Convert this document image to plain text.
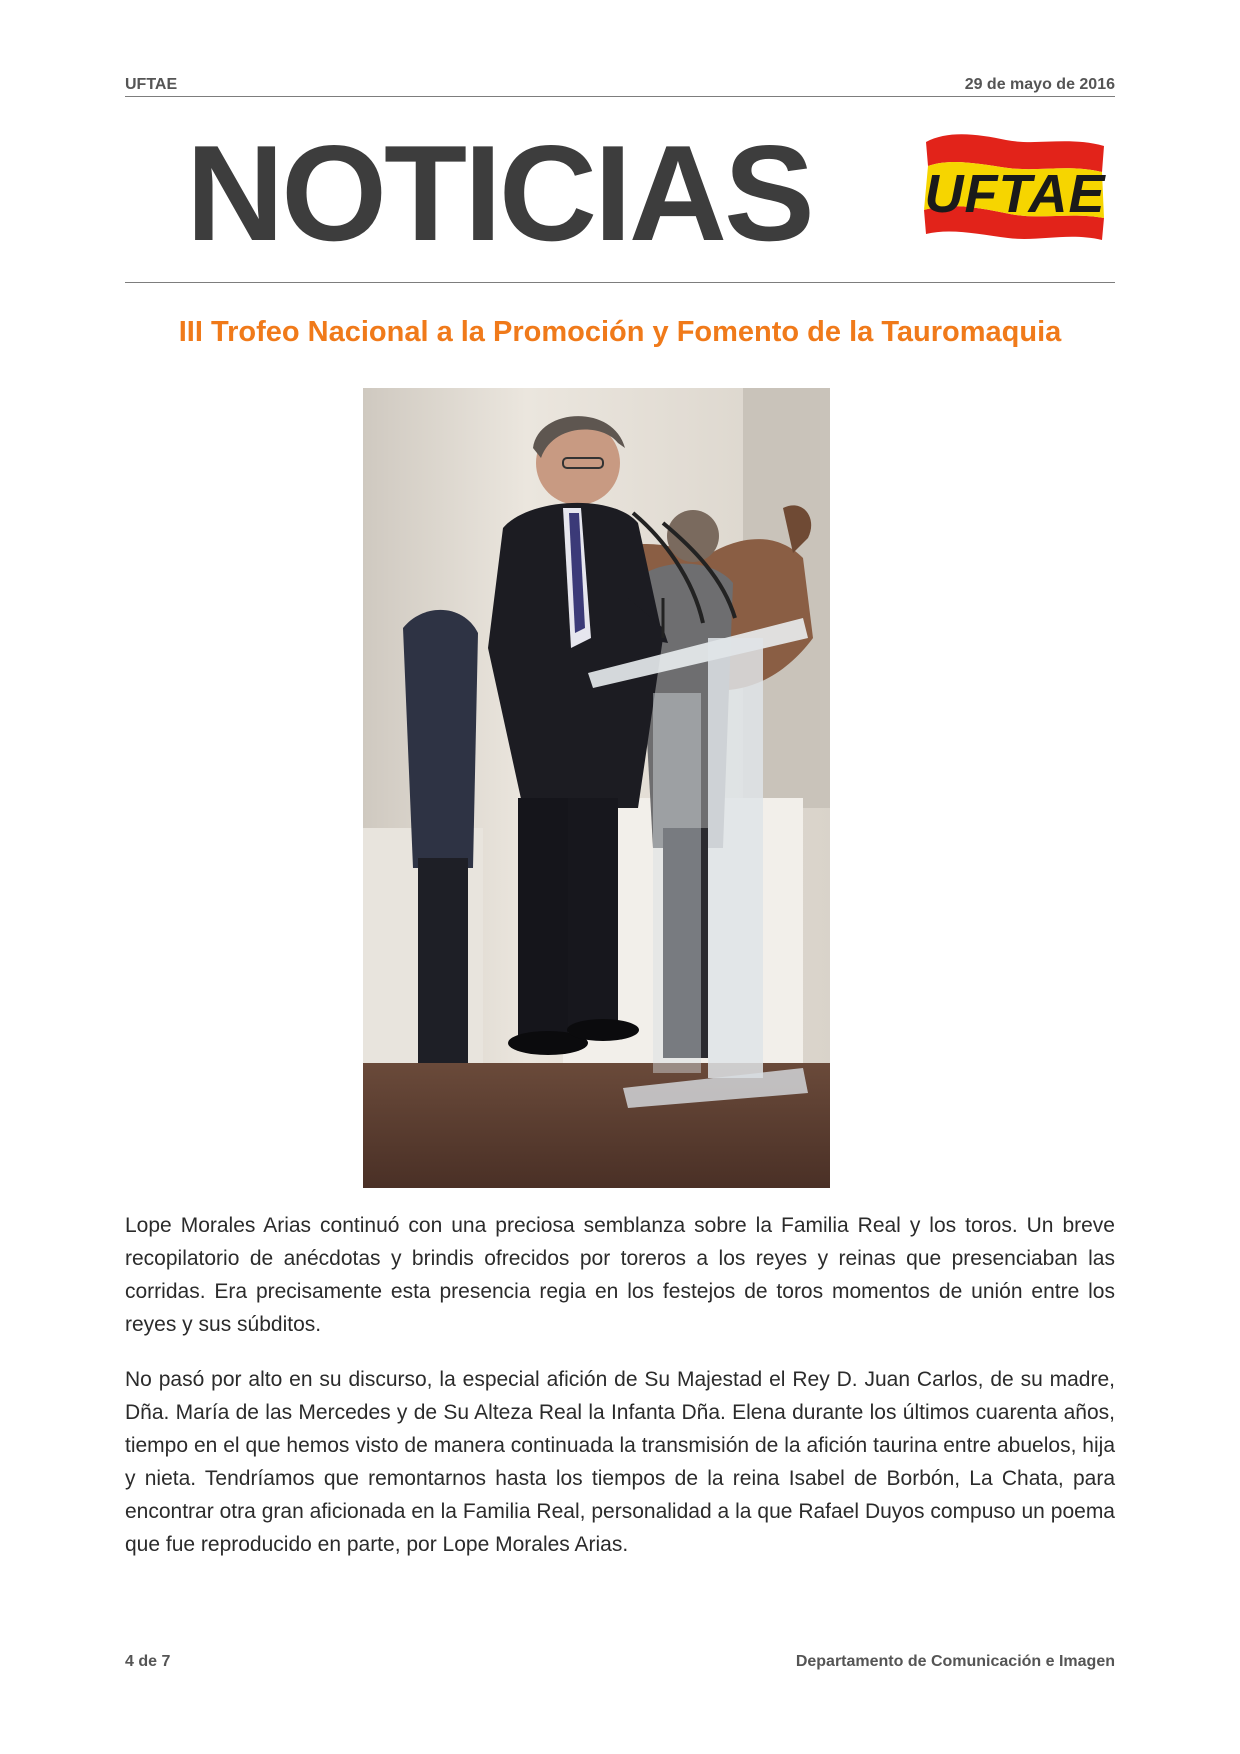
UFTAE	29 de mayo de 2016
NOTICIAS UFTAE
III Trofeo Nacional a la Promoción y Fomento de la Tauromaquia
Lope Morales Arias continuó con una preciosa semblanza sobre la Familia Real y los toros. Un breve recopilatorio de anécdotas y brindis ofrecidos por toreros a los reyes y reinas que presenciaban las corridas. Era precisamente esta presencia regia en los festejos de toros momentos de unión entre los reyes y sus súbditos.
No pasó por alto en su discurso, la especial afición de Su Majestad el Rey D. Juan Carlos, de su madre, Dña. María de las Mercedes y de Su Alteza Real la Infanta Dña. Elena durante los últimos cuarenta años, tiempo en el que hemos visto de manera continuada la transmisión de la afición taurina entre abuelos, hija y nieta. Tendríamos que remontarnos hasta los tiempos de la reina Isabel de Borbón, La Chata, para encontrar otra gran aficionada en la Familia Real, personalidad a la que Rafael Duyos compuso un poema que fue reproducido en parte, por Lope Morales Arias.
4 de 7	Departamento de Comunicación e Imagen
